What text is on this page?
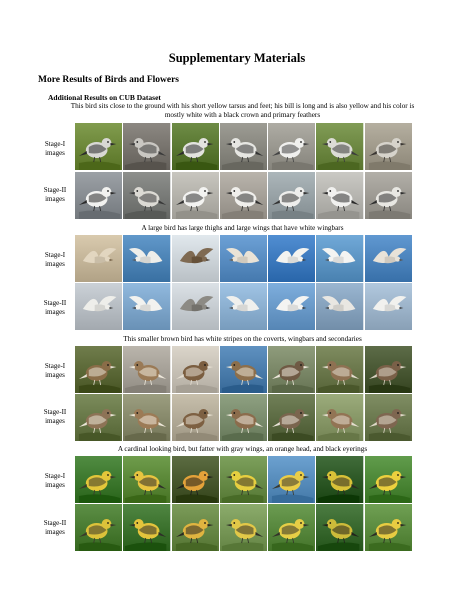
Supplementary Materials
More Results of Birds and Flowers
Additional Results on CUB Dataset
This bird sits close to the ground with his short yellow tarsus and feet; his bill is long and is also yellow and his color is mostly white with a black crown and primary feathers
Stage-I images
Stage-II images
A large bird has large thighs and large wings that have white wingbars
Stage-I images
Stage-II images
This smaller brown bird has white stripes on the coverts, wingbars and secondaries
Stage-I images
Stage-II images
A cardinal looking bird, but fatter with gray wings, an orange head, and black eyerings
Stage-I images
Stage-II images
